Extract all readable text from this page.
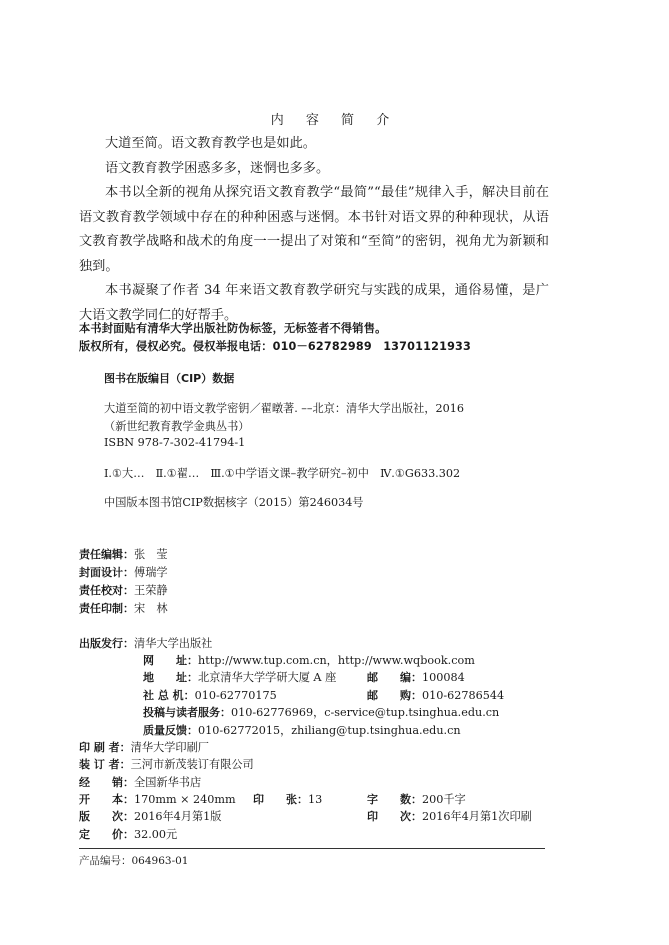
内 容 简 介

大道至简。语文教育教学也是如此。

语文教育教学困惑多多，迷惘也多多。

本书以全新的视角从探究语文教育教学“最简”“最佳”规律入手，解决目前在语文教育教学领域中存在的种种困惑与迷惘。本书针对语文界的种种现状，从语文教育教学战略和战术的角度一一提出了对策和“至简”的密钥，视角尤为新颖和独到。

本书凝聚了作者 34 年来语文教育教学研究与实践的成果，通俗易懂，是广大语文教学同仁的好帮手。

本书封面贴有清华大学出版社防伪标签，无标签者不得销售。
版权所有，侵权必究。侵权举报电话：010－62782989　13701121933
图书在版编目（CIP）数据
大道至简的初中语文教学密钥／翟暾著. ––北京：清华大学出版社，2016
（新世纪教育教学金典丛书）
ISBN 978-7-302-41794-1
Ⅰ.①大…　Ⅱ.①翟…　Ⅲ.①中学语文课–教学研究–初中　Ⅳ.①G633.302
中国版本图书馆CIP数据核字（2015）第246034号
责任编辑：张　莹
封面设计：傅瑞学
责任校对：王荣静
责任印制：宋　林
出版发行：清华大学出版社
网　　址：http://www.tup.com.cn，http://www.wqbook.com
地　　址：北京清华大学学研大厦 A 座	邮　　编：100084
社 总 机：010-62770175	邮　　购：010-62786544
投稿与读者服务：010-62776969，c-service@tup.tsinghua.edu.cn
质量反馈：010-62772015，zhiliang@tup.tsinghua.edu.cn
印 刷 者：清华大学印刷厂
装 订 者：三河市新茂装订有限公司
经　　销：全国新华书店
开　　本：170mm × 240mm 印　　张：13	字　　数：200千字
版　　次：2016年4月第1版	印　　次：2016年4月第1次印刷
定　　价：32.00元
产品编号：064963-01
